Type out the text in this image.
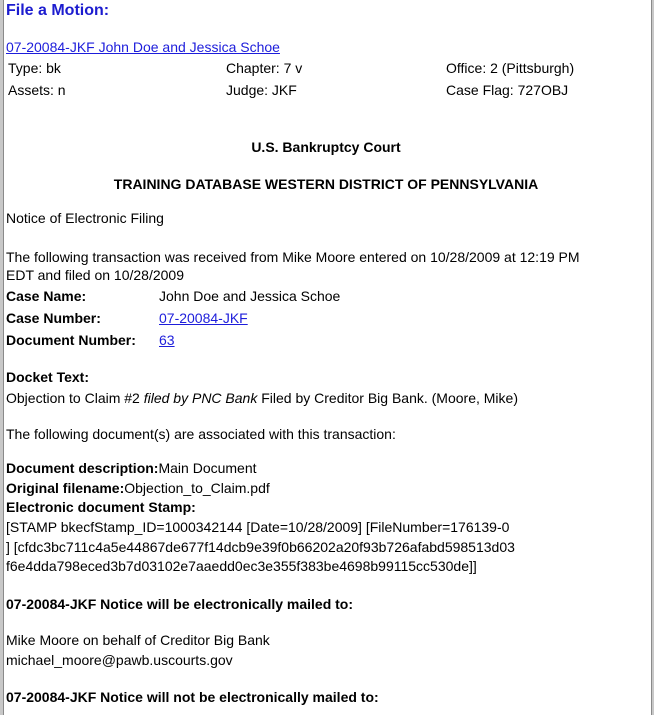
File a Motion:
07-20084-JKF John Doe and Jessica Schoe
Type: bk	Chapter: 7 v	Office: 2 (Pittsburgh)
Assets: n	Judge: JKF	Case Flag: 727OBJ
U.S. Bankruptcy Court
TRAINING DATABASE WESTERN DISTRICT OF PENNSYLVANIA
Notice of Electronic Filing
The following transaction was received from Mike Moore entered on 10/28/2009 at 12:19 PM
EDT and filed on 10/28/2009
Case Name:	John Doe and Jessica Schoe
Case Number:	07-20084-JKF
Document Number:	63
Docket Text:
Objection to Claim #2 filed by PNC Bank Filed by Creditor Big Bank. (Moore, Mike)
The following document(s) are associated with this transaction:
Document description:Main Document
Original filename:Objection_to_Claim.pdf
Electronic document Stamp:
[STAMP bkecfStamp_ID=1000342144 [Date=10/28/2009] [FileNumber=176139-0
] [cfdc3bc711c4a5e44867de677f14dcb9e39f0b66202a20f93b726afabd598513d03
f6e4dda798eced3b7d03102e7aaedd0ec3e355f383be4698b99115cc530de]]
07-20084-JKF Notice will be electronically mailed to:
Mike Moore on behalf of Creditor Big Bank
michael_moore@pawb.uscourts.gov
07-20084-JKF Notice will not be electronically mailed to:
